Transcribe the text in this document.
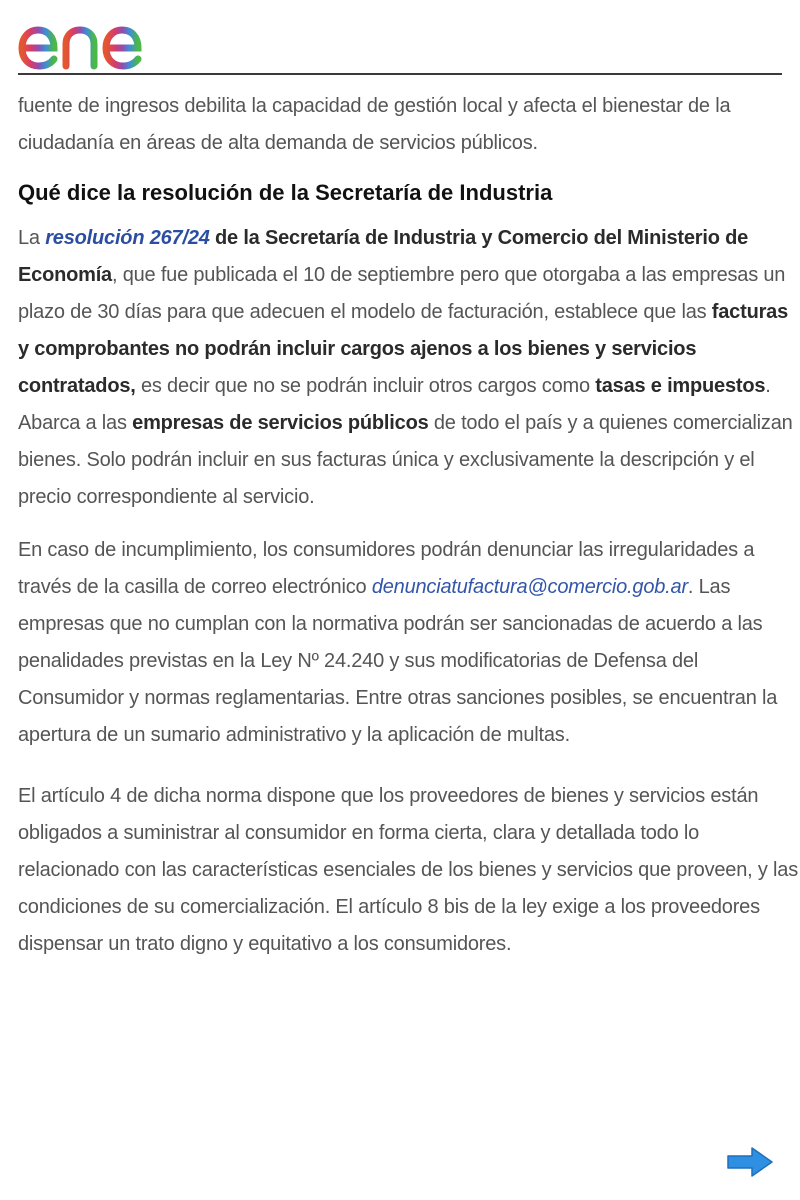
fuente de ingresos debilita la capacidad de gestión local y afecta el bienestar de la ciudadanía en áreas de alta demanda de servicios públicos.

Qué dice la resolución de la Secretaría de Industria

La resolución 267/24 de la Secretaría de Industria y Comercio del Ministerio de Economía, que fue publicada el 10 de septiembre pero que otorgaba a las empresas un plazo de 30 días para que adecuen el modelo de facturación, establece que las facturas y comprobantes no podrán incluir cargos ajenos a los bienes y servicios contratados, es decir que no se podrán incluir otros cargos como tasas e impuestos. Abarca a las empresas de servicios públicos de todo el país y a quienes comercializan bienes. Solo podrán incluir en sus facturas única y exclusivamente la descripción y el precio correspondiente al servicio.

En caso de incumplimiento, los consumidores podrán denunciar las irregularidades a través de la casilla de correo electrónico denunciatufactura@comercio.gob.ar. Las empresas que no cumplan con la normativa podrán ser sancionadas de acuerdo a las penalidades previstas en la Ley Nº 24.240 y sus modificatorias de Defensa del Consumidor y normas reglamentarias. Entre otras sanciones posibles, se encuentran la apertura de un sumario administrativo y la aplicación de multas.

El artículo 4 de dicha norma dispone que los proveedores de bienes y servicios están obligados a suministrar al consumidor en forma cierta, clara y detallada todo lo relacionado con las características esenciales de los bienes y servicios que proveen, y las condiciones de su comercialización. El artículo 8 bis de la ley exige a los proveedores dispensar un trato digno y equitativo a los consumidores.
